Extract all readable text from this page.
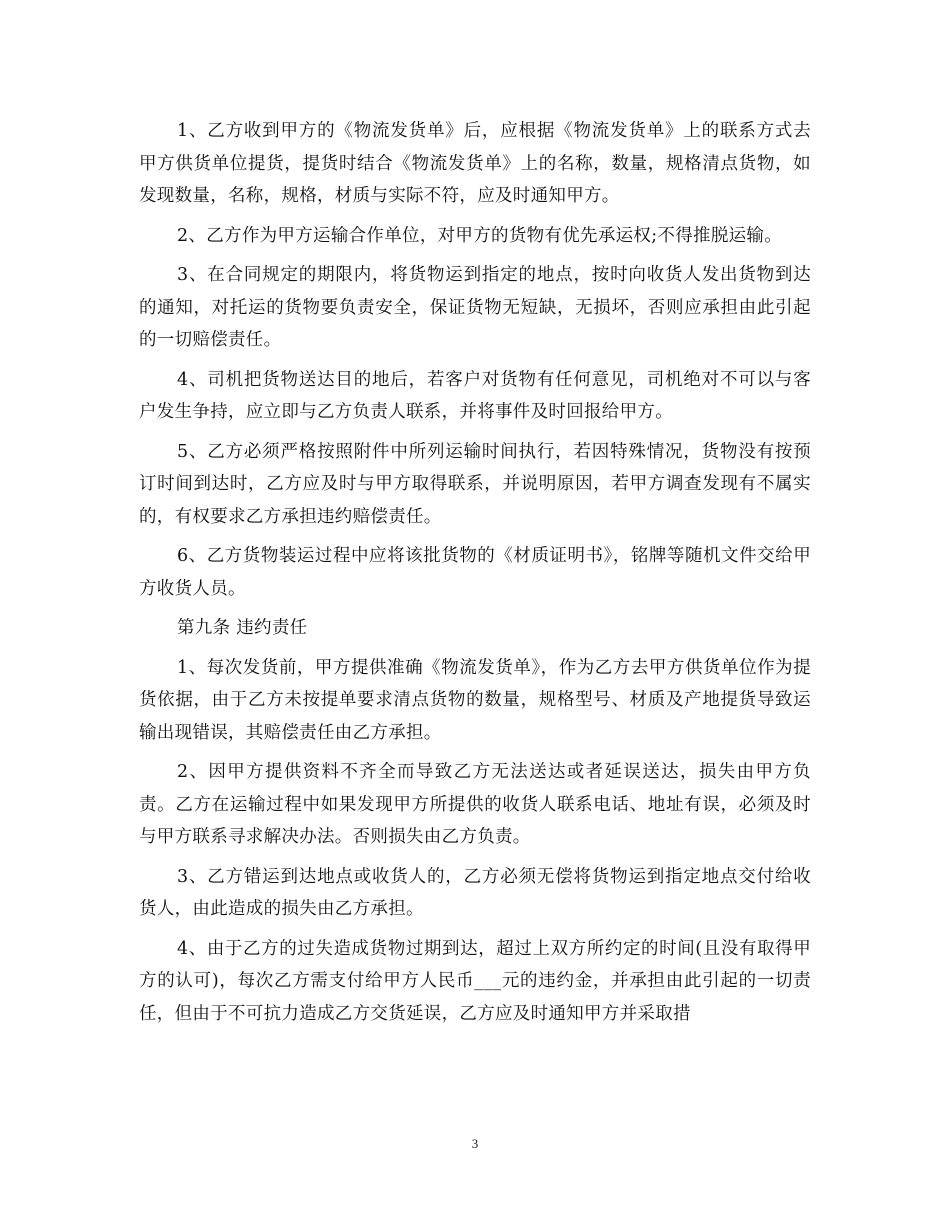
1、乙方收到甲方的《物流发货单》后，应根据《物流发货单》上的联系方式去甲方供货单位提货，提货时结合《物流发货单》上的名称，数量，规格清点货物，如发现数量，名称，规格，材质与实际不符，应及时通知甲方。

2、乙方作为甲方运输合作单位，对甲方的货物有优先承运权;不得推脱运输。

3、在合同规定的期限内，将货物运到指定的地点，按时向收货人发出货物到达的通知，对托运的货物要负责安全，保证货物无短缺，无损坏，否则应承担由此引起的一切赔偿责任。

4、司机把货物送达目的地后，若客户对货物有任何意见，司机绝对不可以与客户发生争持，应立即与乙方负责人联系，并将事件及时回报给甲方。

5、乙方必须严格按照附件中所列运输时间执行，若因特殊情况，货物没有按预订时间到达时，乙方应及时与甲方取得联系，并说明原因，若甲方调查发现有不属实的，有权要求乙方承担违约赔偿责任。

6、乙方货物装运过程中应将该批货物的《材质证明书》，铭牌等随机文件交给甲方收货人员。

第九条 违约责任

1、每次发货前，甲方提供准确《物流发货单》，作为乙方去甲方供货单位作为提货依据，由于乙方未按提单要求清点货物的数量，规格型号、材质及产地提货导致运输出现错误，其赔偿责任由乙方承担。

2、因甲方提供资料不齐全而导致乙方无法送达或者延误送达，损失由甲方负责。乙方在运输过程中如果发现甲方所提供的收货人联系电话、地址有误，必须及时与甲方联系寻求解决办法。否则损失由乙方负责。

3、乙方错运到达地点或收货人的，乙方必须无偿将货物运到指定地点交付给收货人，由此造成的损失由乙方承担。

4、由于乙方的过失造成货物过期到达，超过上双方所约定的时间(且没有取得甲方的认可)，每次乙方需支付给甲方人民币___元的违约金，并承担由此引起的一切责任，但由于不可抗力造成乙方交货延误，乙方应及时通知甲方并采取措

3
